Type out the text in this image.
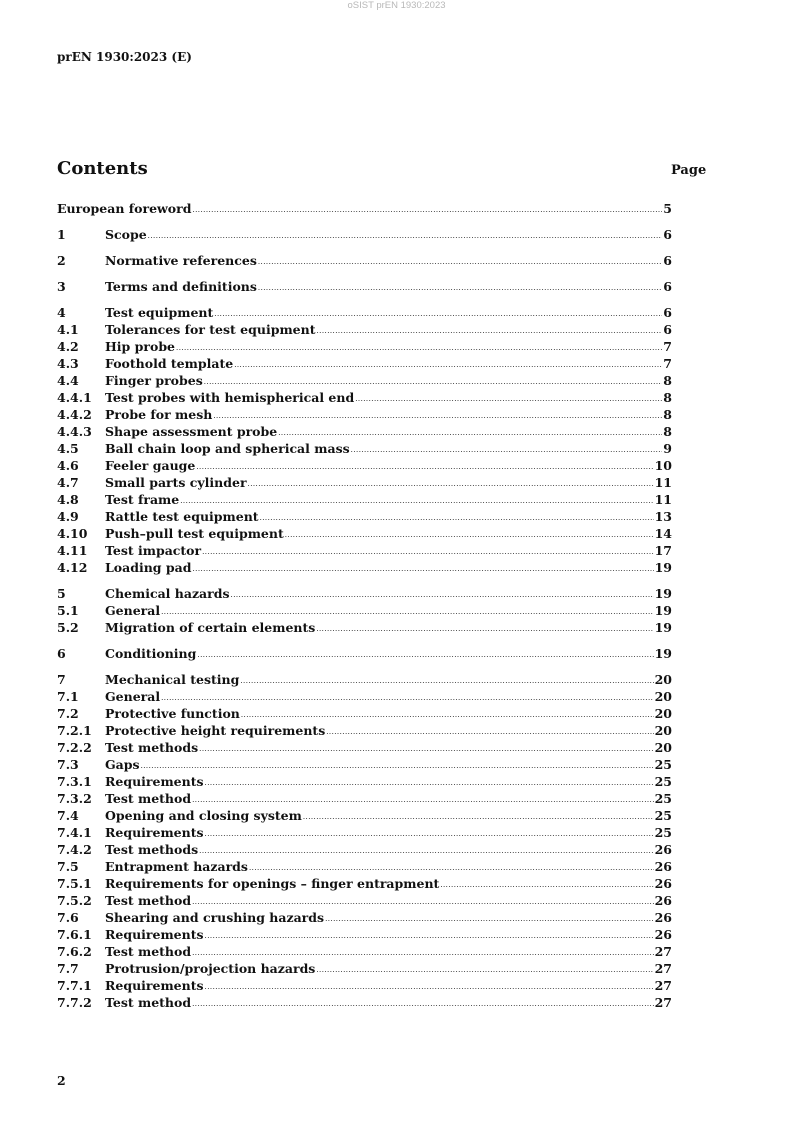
oSIST prEN 1930:2023
prEN 1930:2023 (E)
Contents	Page
European foreword .....	5
1	Scope .....	6
2	Normative references .....	6
3	Terms and definitions .....	6
4	Test equipment .....	6
4.1	Tolerances for test equipment .....	6
4.2	Hip probe .....	7
4.3	Foothold template .....	7
4.4	Finger probes .....	8
4.4.1	Test probes with hemispherical end .....	8
4.4.2	Probe for mesh .....	8
4.4.3	Shape assessment probe .....	8
4.5	Ball chain loop and spherical mass .....	9
4.6	Feeler gauge .....	10
4.7	Small parts cylinder .....	11
4.8	Test frame .....	11
4.9	Rattle test equipment .....	13
4.10	Push–pull test equipment .....	14
4.11	Test impactor .....	17
4.12	Loading pad .....	19
5	Chemical hazards .....	19
5.1	General .....	19
5.2	Migration of certain elements .....	19
6	Conditioning .....	19
7	Mechanical testing .....	20
7.1	General .....	20
7.2	Protective function .....	20
7.2.1	Protective height requirements .....	20
7.2.2	Test methods .....	20
7.3	Gaps .....	25
7.3.1	Requirements .....	25
7.3.2	Test method .....	25
7.4	Opening and closing system .....	25
7.4.1	Requirements .....	25
7.4.2	Test methods .....	26
7.5	Entrapment hazards .....	26
7.5.1	Requirements for openings – finger entrapment .....	26
7.5.2	Test method .....	26
7.6	Shearing and crushing hazards .....	26
7.6.1	Requirements .....	26
7.6.2	Test method .....	27
7.7	Protrusion/projection hazards .....	27
7.7.1	Requirements .....	27
7.7.2	Test method .....	27
2
